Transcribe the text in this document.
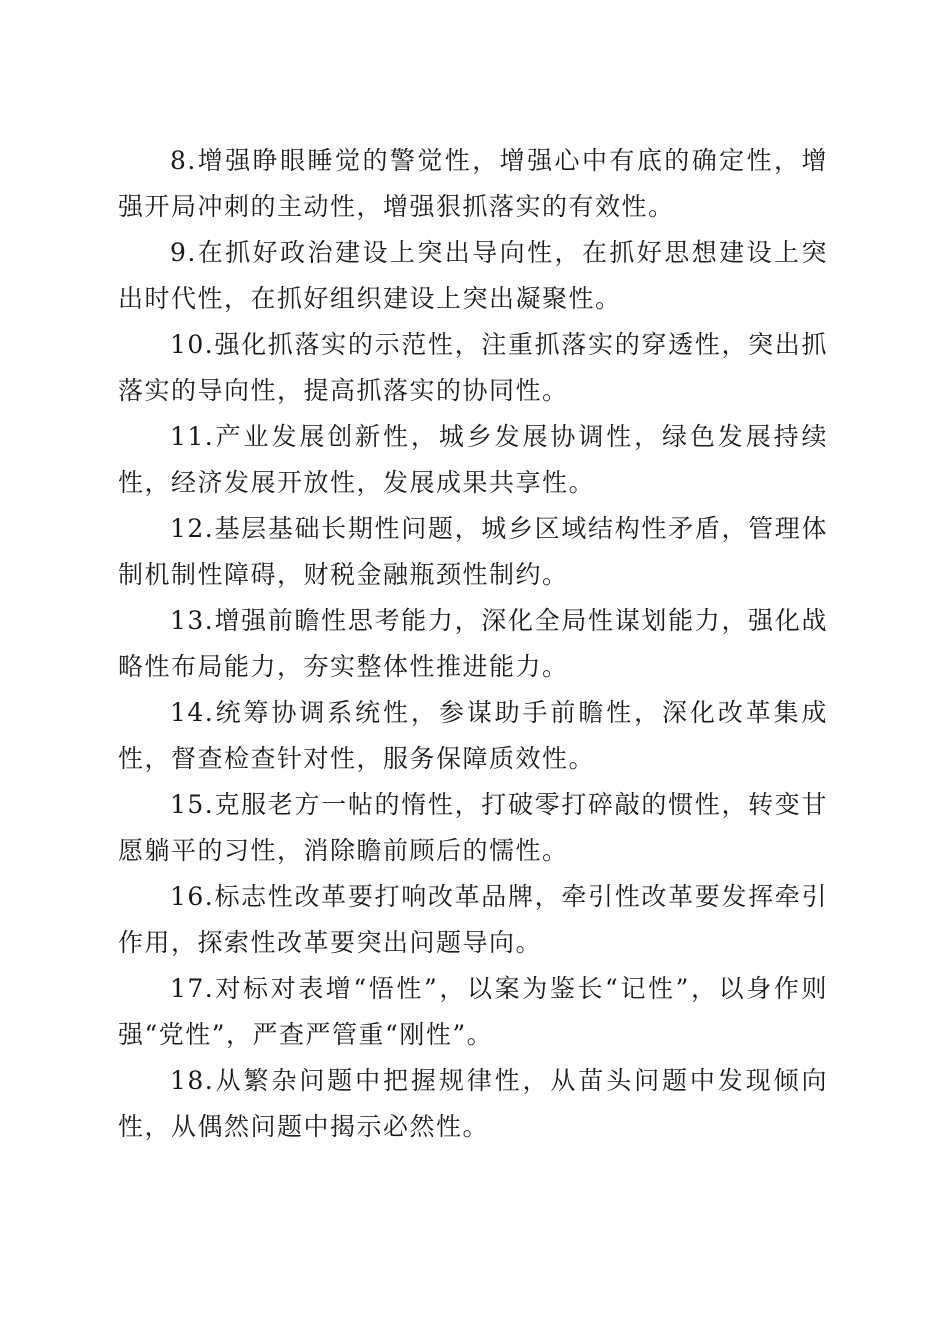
8.增强睁眼睡觉的警觉性，增强心中有底的确定性，增强开局冲刺的主动性，增强狠抓落实的有效性。

9.在抓好政治建设上突出导向性，在抓好思想建设上突出时代性，在抓好组织建设上突出凝聚性。

10.强化抓落实的示范性，注重抓落实的穿透性，突出抓落实的导向性，提高抓落实的协同性。

11.产业发展创新性，城乡发展协调性，绿色发展持续性，经济发展开放性，发展成果共享性。

12.基层基础长期性问题，城乡区域结构性矛盾，管理体制机制性障碍，财税金融瓶颈性制约。

13.增强前瞻性思考能力，深化全局性谋划能力，强化战略性布局能力，夯实整体性推进能力。

14.统筹协调系统性，参谋助手前瞻性，深化改革集成性，督查检查针对性，服务保障质效性。

15.克服老方一帖的惰性，打破零打碎敲的惯性，转变甘愿躺平的习性，消除瞻前顾后的懦性。

16.标志性改革要打响改革品牌，牵引性改革要发挥牵引作用，探索性改革要突出问题导向。

17.对标对表增“悟性”，以案为鉴长“记性”，以身作则强“党性”，严查严管重“刚性”。

18.从繁杂问题中把握规律性，从苗头问题中发现倾向性，从偶然问题中揭示必然性。
